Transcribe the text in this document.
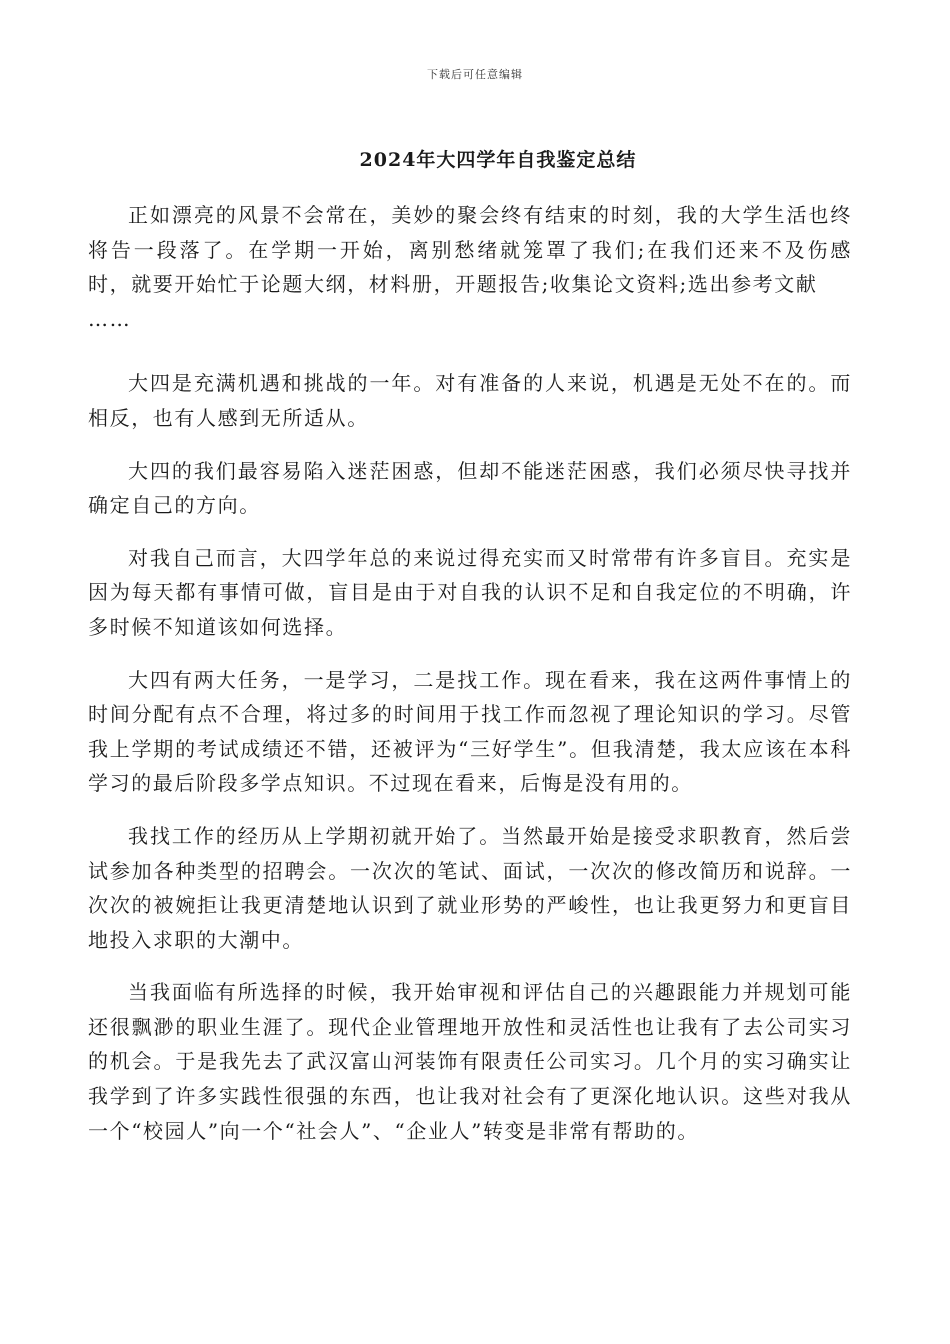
下载后可任意编辑
2024年大四学年自我鉴定总结

正如漂亮的风景不会常在，美妙的聚会终有结束的时刻，我的大学生活也终将告一段落了。在学期一开始，离别愁绪就笼罩了我们;在我们还来不及伤感时，就要开始忙于论题大纲，材料册，开题报告;收集论文资料;选出参考文献

……

大四是充满机遇和挑战的一年。对有准备的人来说，机遇是无处不在的。而相反，也有人感到无所适从。

大四的我们最容易陷入迷茫困惑，但却不能迷茫困惑，我们必须尽快寻找并确定自己的方向。

对我自己而言，大四学年总的来说过得充实而又时常带有许多盲目。充实是因为每天都有事情可做，盲目是由于对自我的认识不足和自我定位的不明确，许多时候不知道该如何选择。

大四有两大任务，一是学习，二是找工作。现在看来，我在这两件事情上的时间分配有点不合理，将过多的时间用于找工作而忽视了理论知识的学习。尽管我上学期的考试成绩还不错，还被评为“三好学生”。但我清楚，我太应该在本科学习的最后阶段多学点知识。不过现在看来，后悔是没有用的。

我找工作的经历从上学期初就开始了。当然最开始是接受求职教育，然后尝试参加各种类型的招聘会。一次次的笔试、面试，一次次的修改简历和说辞。一次次的被婉拒让我更清楚地认识到了就业形势的严峻性，也让我更努力和更盲目地投入求职的大潮中。

当我面临有所选择的时候，我开始审视和评估自己的兴趣跟能力并规划可能还很飘渺的职业生涯了。现代企业管理地开放性和灵活性也让我有了去公司实习的机会。于是我先去了武汉富山河装饰有限责任公司实习。几个月的实习确实让我学到了许多实践性很强的东西，也让我对社会有了更深化地认识。这些对我从一个“校园人”向一个“社会人”、“企业人”转变是非常有帮助的。
